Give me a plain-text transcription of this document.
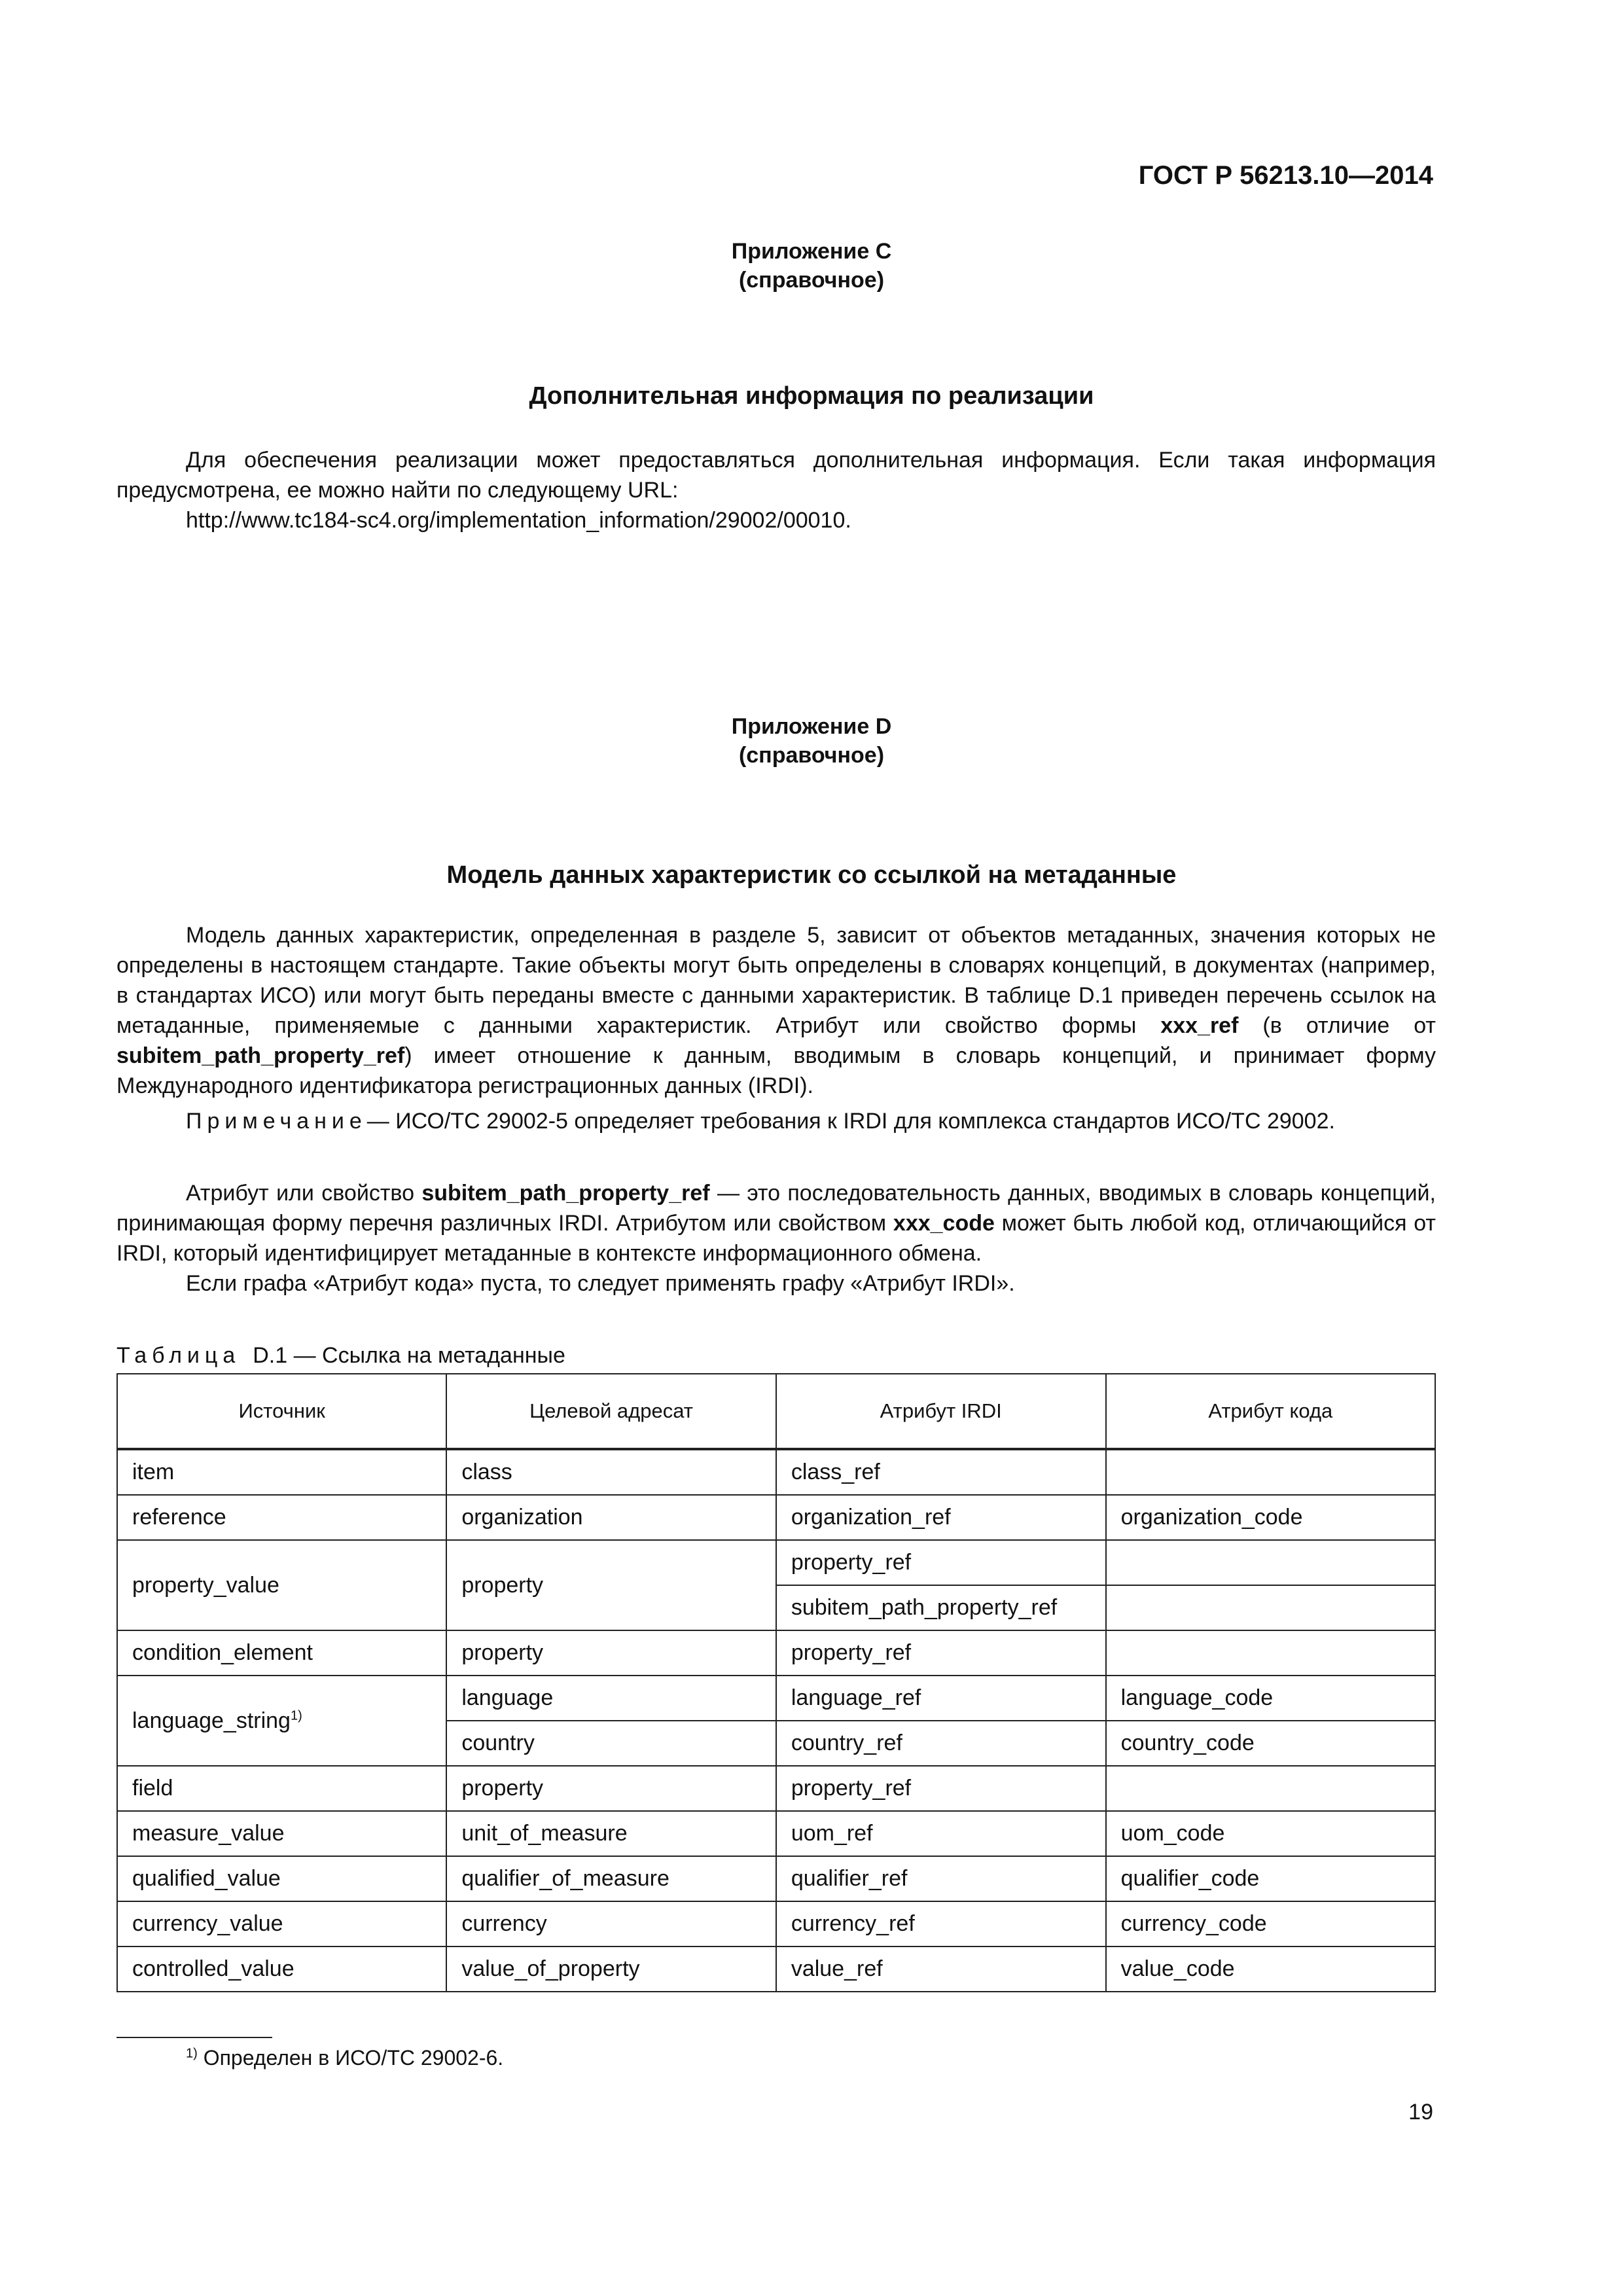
ГОСТ Р 56213.10—2014
Приложение C
(справочное)
Дополнительная информация по реализации

Для обеспечения реализации может предоставляться дополнительная информация. Если такая информация предусмотрена, ее можно найти по следующему URL:

http://www.tc184-sc4.org/implementation_information/29002/00010.

Приложение D
(справочное)
Модель данных характеристик со ссылкой на метаданные

Модель данных характеристик, определенная в разделе 5, зависит от объектов метаданных, значения которых не определены в настоящем стандарте. Такие объекты могут быть определены в словарях концепций, в документах (например, в стандартах ИСО) или могут быть переданы вместе с данными характеристик. В таблице D.1 приведен перечень ссылок на метаданные, применяемые с данными характеристик. Атрибут или свойство формы xxx_ref (в отличие от subitem_path_property_ref) имеет отношение к данным, вводимым в словарь концепций, и принимает форму Международного идентификатора регистрационных данных (IRDI).

Примечание— ИСО/ТС 29002-5 определяет требования к IRDI для комплекса стандартов ИСО/ТС 29002.

Атрибут или свойство subitem_path_property_ref — это последовательность данных, вводимых в словарь концепций, принимающая форму перечня различных IRDI. Атрибутом или свойством xxx_code может быть любой код, отличающийся от IRDI, который идентифицирует метаданные в контексте информационного обмена.

Если графа «Атрибут кода» пуста, то следует применять графу «Атрибут IRDI».

Таблица D.1 — Ссылка на метаданные
Источник	Целевой адресат	Атрибут IRDI	Атрибут кода
item	class	class_ref	
reference	organization	organization_ref	organization_code
property_value	property	property_ref	
		subitem_path_property_ref	
condition_element	property	property_ref	
language_string$^{1)}$	language	language_ref	language_code
	country	country_ref	country_code
field	property	property_ref	
measure_value	unit_of_measure	uom_ref	uom_code
qualified_value	qualifier_of_measure	qualifier_ref	qualifier_code
currency_value	currency	currency_ref	currency_code
controlled_value	value_of_property	value_ref	value_code
$^{1)}$ Определен в ИСО/ТС 29002-6.
19
